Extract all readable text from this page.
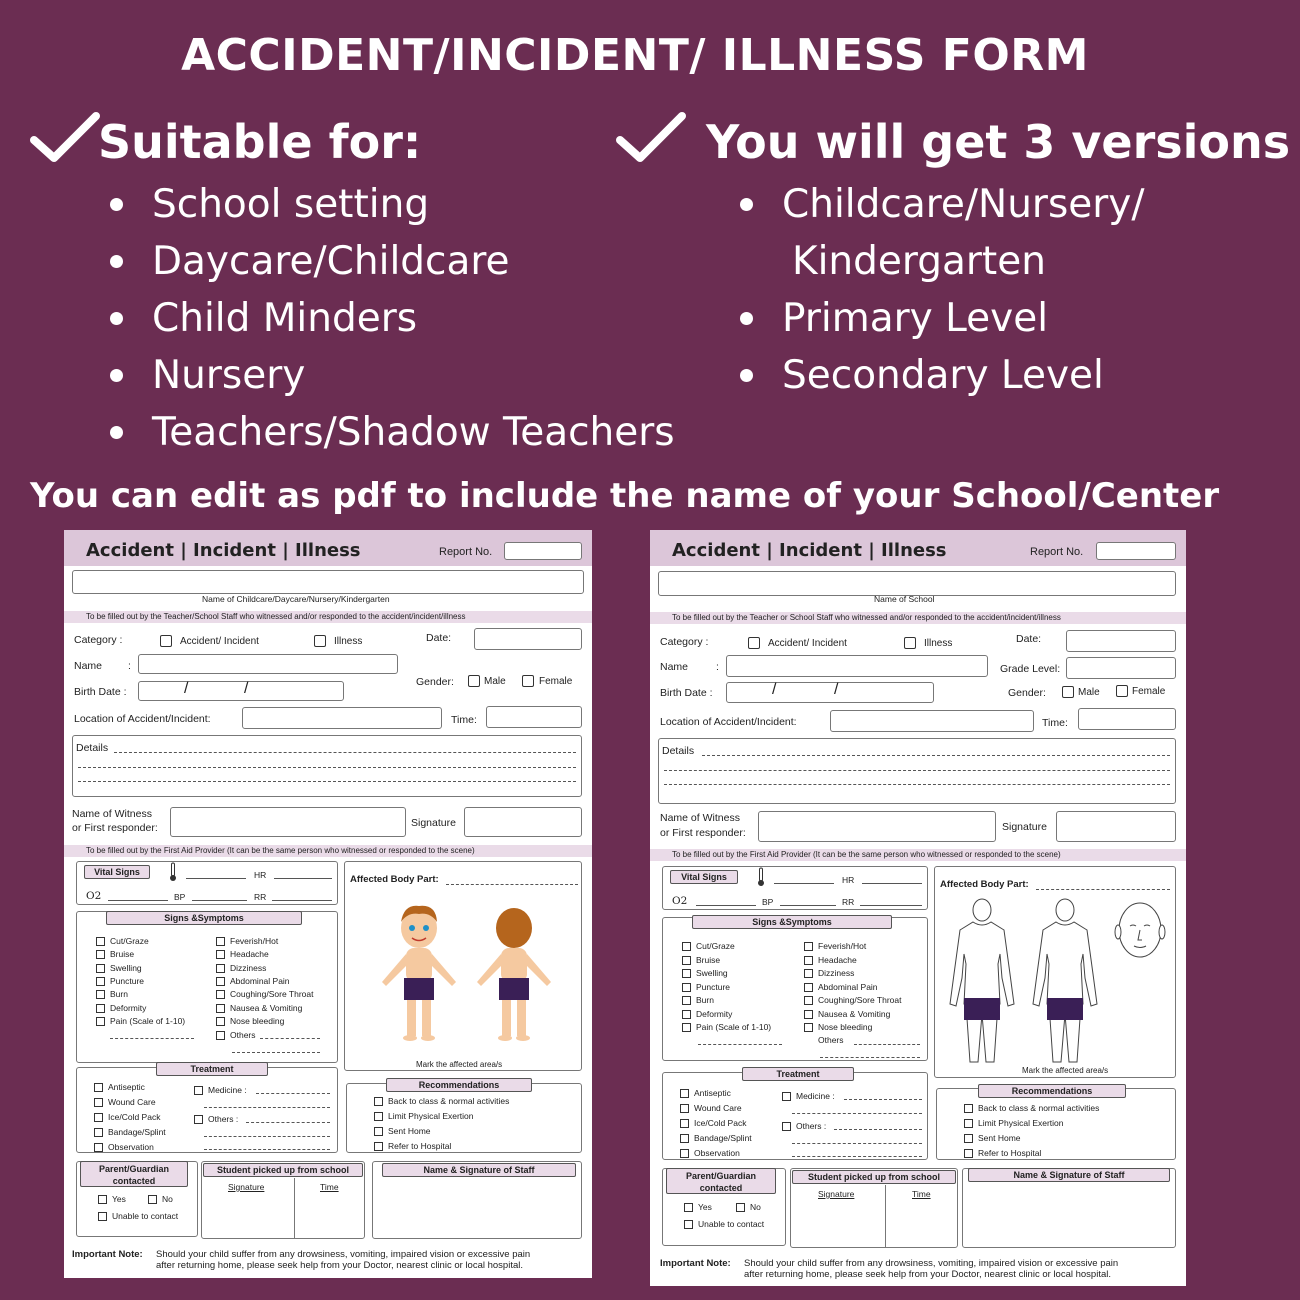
ACCIDENT/INCIDENT/ ILLNESS FORM
Suitable for:
School setting
Daycare/Childcare
Child Minders
Nursery
Teachers/Shadow Teachers
You will get 3 versions
Childcare/Nursery/
Kindergarten
Primary Level
Secondary Level
You can edit as pdf to include the name of your School/Center
Accident | Incident | Illness	Report No.
Name of Childcare/Daycare/Nursery/Kindergarten
To be filled out by the Teacher/School Staff who witnessed and/or responded to the accident/incident/illness
Category :	Accident/ Incident	Illness	Date:
Name :
Gender:	Male	Female
Birth Date :	/	/
Location of Accident/Incident:	Time:
Details
Name of Witness
or First responder:	Signature
To be filled out by the First Aid Provider (It can be the same person who witnessed or responded to the scene)
Vital Signs	HR
O2	BP	RR
Affected Body Part:
Mark the affected area/s
Signs &Symptoms
Cut/Graze
Bruise
Swelling
Puncture
Burn
Deformity
Pain (Scale of 1-10)
Feverish/Hot
Headache
Dizziness
Abdominal Pain
Coughing/Sore Throat
Nausea & Vomiting
Nose bleeding
Others
Treatment
Antiseptic
Wound Care
Ice/Cold Pack
Bandage/Splint
Observation
Medicine :
Others :
Recommendations
Back to class & normal activities
Limit Physical Exertion
Sent Home
Refer to Hospital
Parent/Guardian contacted
Yes	No
Unable to contact
Student picked up from school
Signature	Time
Name & Signature of Staff
Important Note: Should your child suffer from any drowsiness, vomiting, impaired vision or excessive pain
after returning home, please seek help from your Doctor, nearest clinic or local hospital.
Accident | Incident | Illness	Report No.
Name of School
To be filled out by the Teacher or School Staff who witnessed and/or responded to the accident/incident/illness
Category :	Accident/ Incident	Illness	Date:
Name	:	Grade Level:
Birth Date :	/	/	Gender:	Male	Female
Location of Accident/Incident:	Time:
Details
Name of Witness
or First responder:	Signature
To be filled out by the First Aid Provider (It can be the same person who witnessed or responded to the scene)
Vital Signs	HR
O2	BP	RR
Affected Body Part:
Mark the affected area/s
Signs &Symptoms
Cut/Graze
Bruise
Swelling
Puncture
Burn
Deformity
Pain (Scale of 1-10)
Feverish/Hot
Headache
Dizziness
Abdominal Pain
Coughing/Sore Throat
Nausea & Vomiting
Nose bleeding
Others
Treatment
Antiseptic
Wound Care
Ice/Cold Pack
Bandage/Splint
Observation
Medicine :
Others :
Recommendations
Back to class & normal activities
Limit Physical Exertion
Sent Home
Refer to Hospital
Parent/Guardian contacted
Yes	No
Unable to contact
Student picked up from school
Signature	Time
Name & Signature of Staff
Important Note: Should your child suffer from any drowsiness, vomiting, impaired vision or excessive pain
after returning home, please seek help from your Doctor, nearest clinic or local hospital.
